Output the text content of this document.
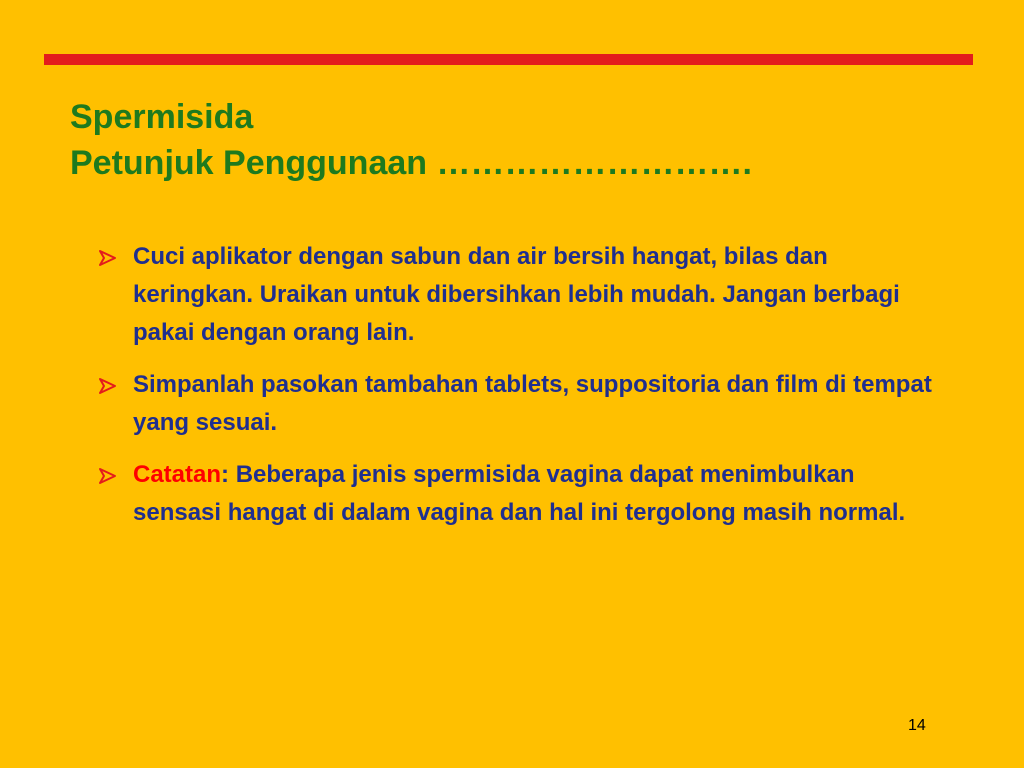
Spermisida
Petunjuk Penggunaan ……………………….
Cuci aplikator dengan sabun dan air bersih hangat, bilas dan keringkan. Uraikan untuk dibersihkan lebih mudah. Jangan berbagi pakai dengan orang lain.
Simpanlah pasokan tambahan tablets, suppositoria dan film di tempat yang sesuai.
Catatan: Beberapa jenis spermisida vagina dapat menimbulkan sensasi hangat di dalam vagina dan hal ini tergolong masih normal.
14
